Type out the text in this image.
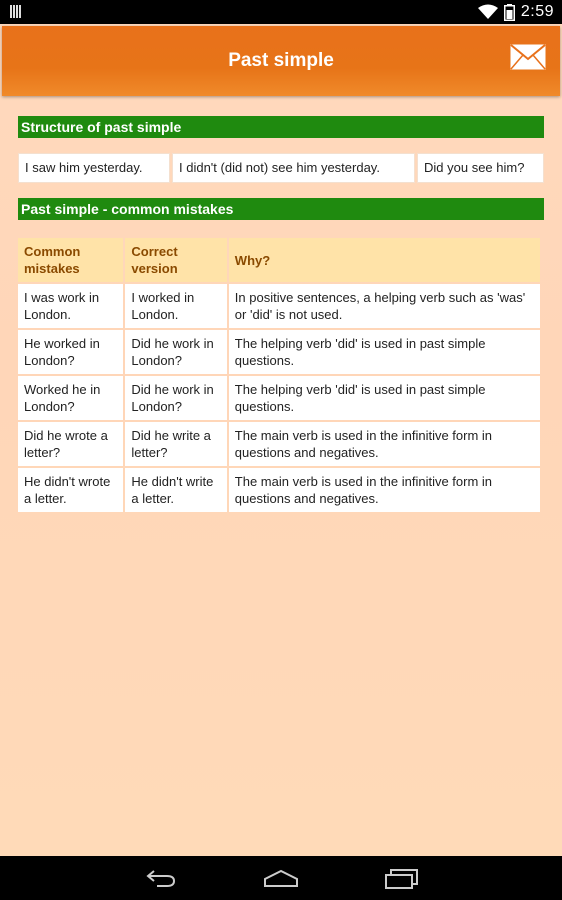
2:59
Past simple
Structure of past simple
I saw him yesterday.	I didn't (did not) see him yesterday.	Did you see him?
Past simple - common mistakes
Common mistakes	Correct version	Why?
I was work in London.	I worked in London.	In positive sentences, a helping verb such as 'was' or 'did' is not used.
He worked in London?	Did he work in London?	The helping verb 'did' is used in past simple questions.
Worked he in London?	Did he work in London?	The helping verb 'did' is used in past simple questions.
Did he wrote a letter?	Did he write a letter?	The main verb is used in the infinitive form in questions and negatives.
He didn't wrote a letter.	He didn't write a letter.	The main verb is used in the infinitive form in questions and negatives.
